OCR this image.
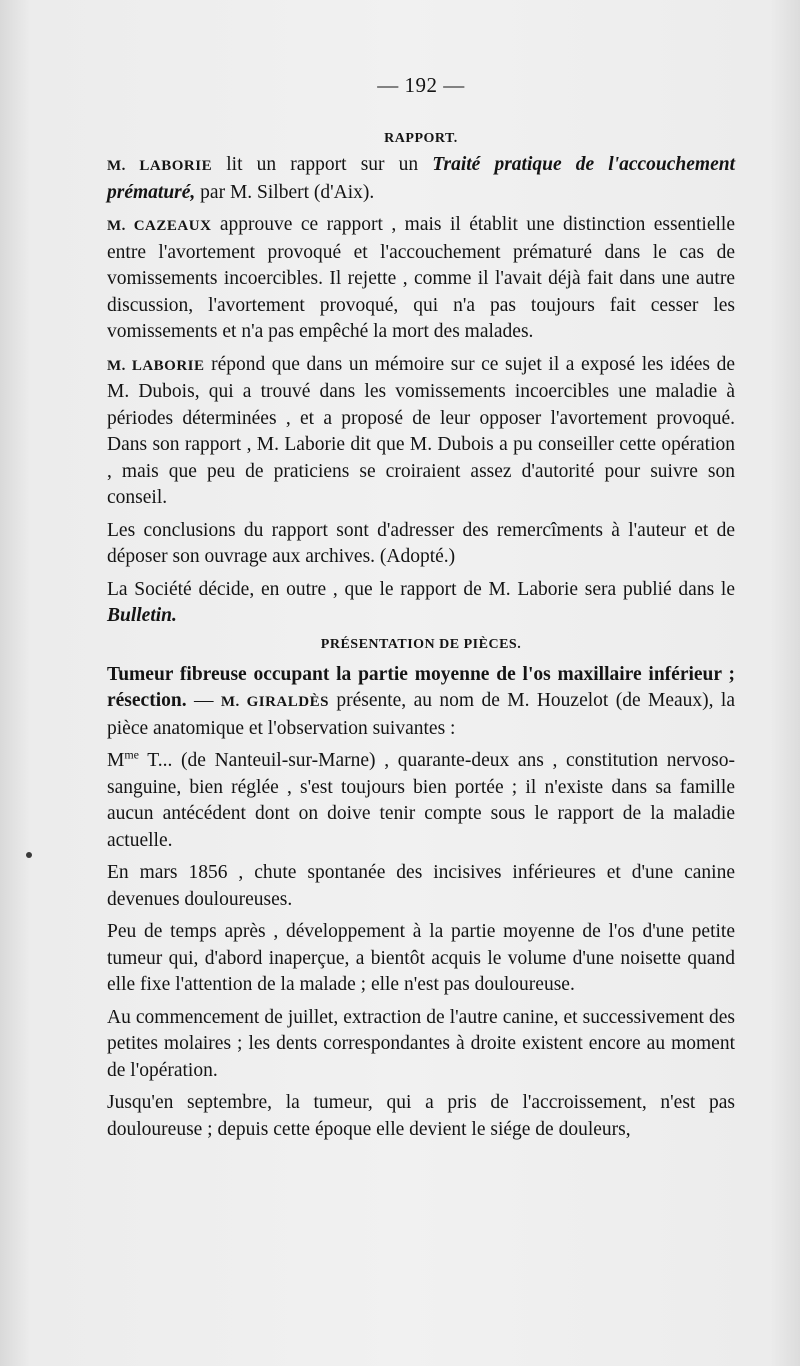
— 192 —
RAPPORT.

M. LABORIE lit un rapport sur un Traité pratique de l'accouchement prématuré, par M. Silbert (d'Aix).

M. CAZEAUX approuve ce rapport , mais il établit une distinction essentielle entre l'avortement provoqué et l'accouchement prématuré dans le cas de vomissements incoercibles. Il rejette , comme il l'avait déjà fait dans une autre discussion, l'avortement provoqué, qui n'a pas toujours fait cesser les vomissements et n'a pas empêché la mort des malades.

M. LABORIE répond que dans un mémoire sur ce sujet il a exposé les idées de M. Dubois, qui a trouvé dans les vomissements incoercibles une maladie à périodes déterminées , et a proposé de leur opposer l'avortement provoqué. Dans son rapport , M. Laborie dit que M. Dubois a pu conseiller cette opération , mais que peu de praticiens se croiraient assez d'autorité pour suivre son conseil.

Les conclusions du rapport sont d'adresser des remercîments à l'auteur et de déposer son ouvrage aux archives. (Adopté.)

La Société décide, en outre , que le rapport de M. Laborie sera publié dans le Bulletin.

PRÉSENTATION DE PIÈCES.

Tumeur fibreuse occupant la partie moyenne de l'os maxillaire inférieur ; résection. — M. GIRALDÈS présente, au nom de M. Houzelot (de Meaux), la pièce anatomique et l'observation suivantes :

$M^{me}$ T... (de Nanteuil-sur-Marne) , quarante-deux ans , constitution nervoso-sanguine, bien réglée , s'est toujours bien portée ; il n'existe dans sa famille aucun antécédent dont on doive tenir compte sous le rapport de la maladie actuelle.

En mars 1856 , chute spontanée des incisives inférieures et d'une canine devenues douloureuses.

Peu de temps après , développement à la partie moyenne de l'os d'une petite tumeur qui, d'abord inaperçue, a bientôt acquis le volume d'une noisette quand elle fixe l'attention de la malade ; elle n'est pas douloureuse.

Au commencement de juillet, extraction de l'autre canine, et successivement des petites molaires ; les dents correspondantes à droite existent encore au moment de l'opération.

Jusqu'en septembre, la tumeur, qui a pris de l'accroissement, n'est pas douloureuse ; depuis cette époque elle devient le siége de douleurs,
